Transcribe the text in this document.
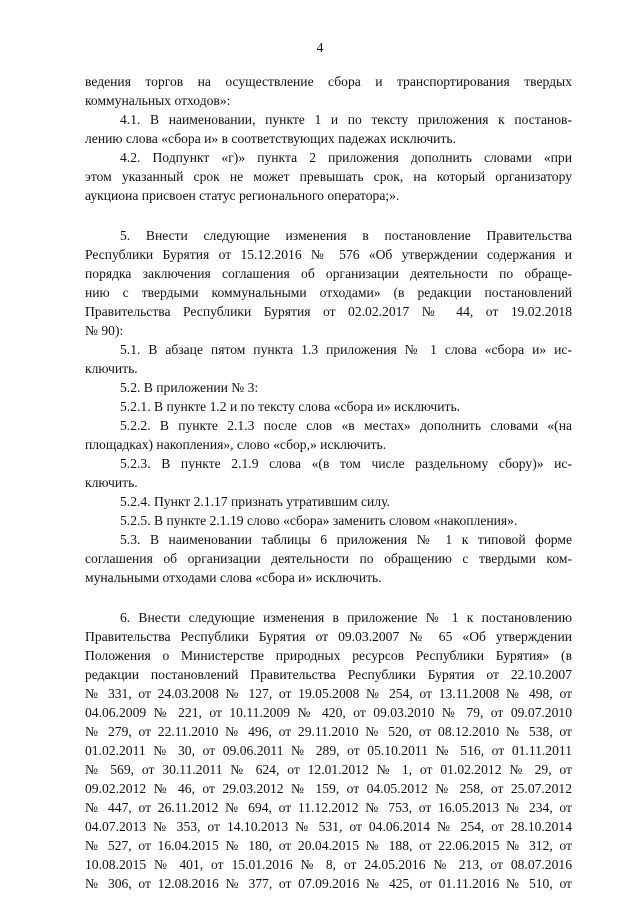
4

ведения торгов на осуществление сбора и транспортирования твердых

коммунальных отходов»:

4.1. В наименовании, пункте 1 и по тексту приложения к постанов-

лению слова «сбора и» в соответствующих падежах исключить.

4.2. Подпункт «г)» пункта 2 приложения дополнить словами «при

этом указанный срок не может превышать срок, на который организатору

аукциона присвоен статус регионального оператора;».

5. Внести следующие изменения в постановление Правительства

Республики Бурятия от 15.12.2016 № 576 «Об утверждении содержания и

порядка заключения соглашения об организации деятельности по обраще-

нию с твердыми коммунальными отходами» (в редакции постановлений

Правительства Республики Бурятия от 02.02.2017 № 44, от 19.02.2018

№ 90):

5.1. В абзаце пятом пункта 1.3 приложения № 1 слова «сбора и» ис-

ключить.

5.2. В приложении № 3:

5.2.1. В пункте 1.2 и по тексту слова «сбора и» исключить.

5.2.2. В пункте 2.1.3 после слов «в местах» дополнить словами «(на

площадках) накопления», слово «сбор,» исключить.

5.2.3. В пункте 2.1.9 слова «(в том числе раздельному сбору)» ис-

ключить.

5.2.4. Пункт 2.1.17 признать утратившим силу.

5.2.5. В пункте 2.1.19 слово «сбора» заменить словом «накопления».

5.3. В наименовании таблицы 6 приложения № 1 к типовой форме

соглашения об организации деятельности по обращению с твердыми ком-

мунальными отходами слова «сбора и» исключить.

6. Внести следующие изменения в приложение № 1 к постановлению

Правительства Республики Бурятия от 09.03.2007 № 65 «Об утверждении

Положения о Министерстве природных ресурсов Республики Бурятия» (в

редакции постановлений Правительства Республики Бурятия от 22.10.2007

№ 331, от 24.03.2008 № 127, от 19.05.2008 № 254, от 13.11.2008 № 498, от

04.06.2009 № 221, от 10.11.2009 № 420, от 09.03.2010 № 79, от 09.07.2010

№ 279, от 22.11.2010 № 496, от 29.11.2010 № 520, от 08.12.2010 № 538, от

01.02.2011 № 30, от 09.06.2011 № 289, от 05.10.2011 № 516, от 01.11.2011

№ 569, от 30.11.2011 № 624, от 12.01.2012 № 1, от 01.02.2012 № 29, от

09.02.2012 № 46, от 29.03.2012 № 159, от 04.05.2012 № 258, от 25.07.2012

№ 447, от 26.11.2012 № 694, от 11.12.2012 № 753, от 16.05.2013 № 234, от

04.07.2013 № 353, от 14.10.2013 № 531, от 04.06.2014 № 254, от 28.10.2014

№ 527, от 16.04.2015 № 180, от 20.04.2015 № 188, от 22.06.2015 № 312, от

10.08.2015 № 401, от 15.01.2016 № 8, от 24.05.2016 № 213, от 08.07.2016

№ 306, от 12.08.2016 № 377, от 07.09.2016 № 425, от 01.11.2016 № 510, от
